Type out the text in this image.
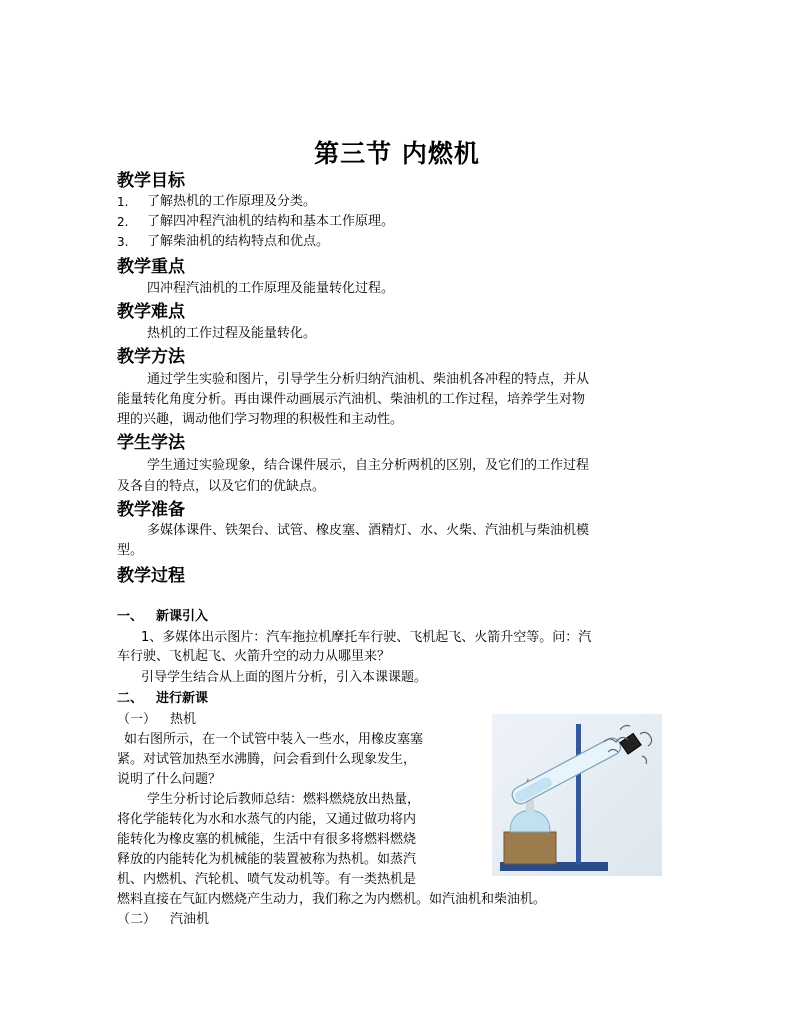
第三节 内燃机
教学目标
1. 了解热机的工作原理及分类。
2. 了解四冲程汽油机的结构和基本工作原理。
3. 了解柴油机的结构特点和优点。
教学重点
四冲程汽油机的工作原理及能量转化过程。
教学难点
热机的工作过程及能量转化。
教学方法
通过学生实验和图片，引导学生分析归纳汽油机、柴油机各冲程的特点，并从
能量转化角度分析。再由课件动画展示汽油机、柴油机的工作过程，培养学生对物
理的兴趣，调动他们学习物理的积极性和主动性。
学生学法
学生通过实验现象，结合课件展示，自主分析两机的区别，及它们的工作过程
及各自的特点，以及它们的优缺点。
教学准备
多媒体课件、铁架台、试管、橡皮塞、酒精灯、水、火柴、汽油机与柴油机模
型。
教学过程
一、 新课引入
1、多媒体出示图片：汽车拖拉机摩托车行驶、飞机起飞、火箭升空等。问：汽
车行驶、飞机起飞、火箭升空的动力从哪里来？
引导学生结合从上面的图片分析，引入本课课题。
二、 进行新课
（一） 热机
如右图所示，在一个试管中装入一些水，用橡皮塞塞
紧。对试管加热至水沸腾，问会看到什么现象发生，
说明了什么问题？
学生分析讨论后教师总结：燃料燃烧放出热量，
将化学能转化为水和水蒸气的内能，又通过做功将内
能转化为橡皮塞的机械能，生活中有很多将燃料燃烧
释放的内能转化为机械能的装置被称为热机。如蒸汽
机、内燃机、汽轮机、喷气发动机等。有一类热机是
燃料直接在气缸内燃烧产生动力，我们称之为内燃机。如汽油机和柴油机。
（二） 汽油机
